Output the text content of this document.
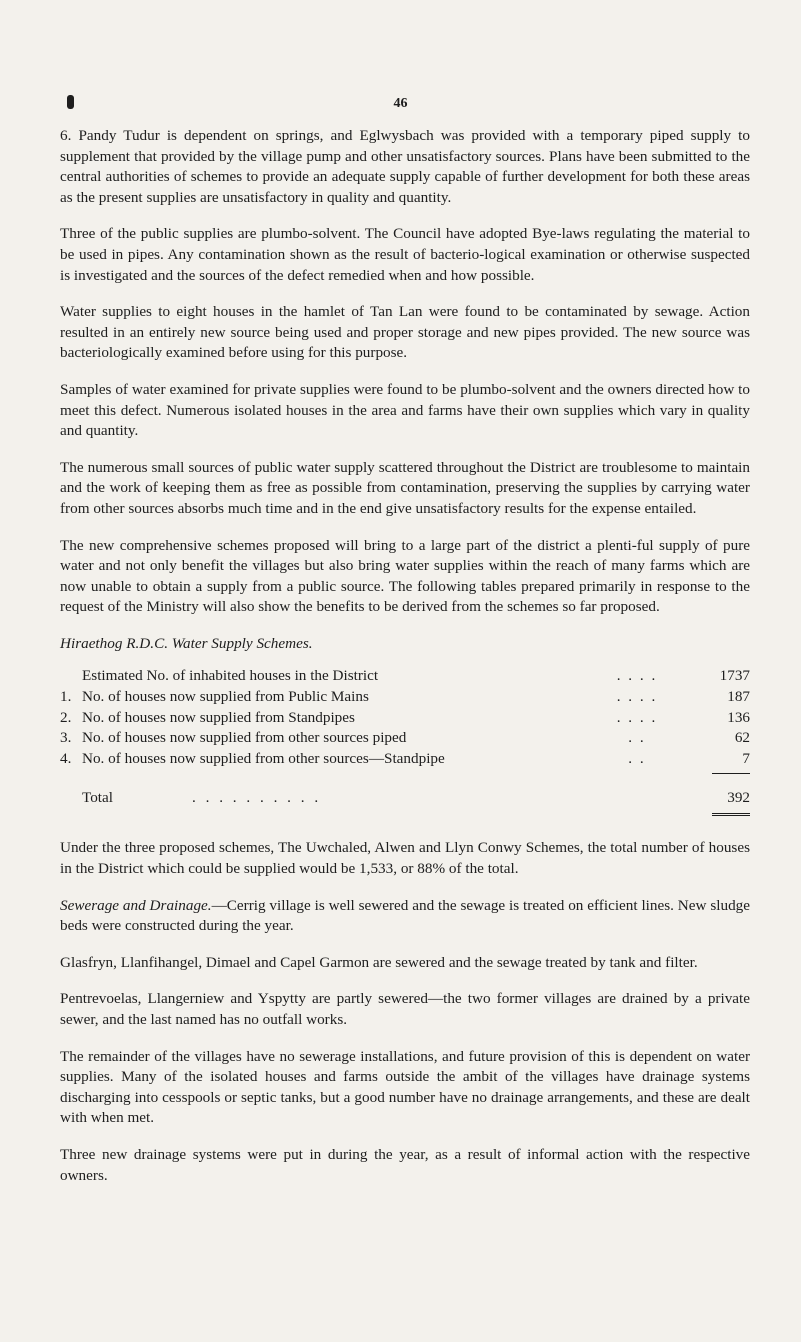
46

6. Pandy Tudur is dependent on springs, and Eglwysbach was provided with a temporary piped supply to supplement that provided by the village pump and other unsatisfactory sources. Plans have been submitted to the central authorities of schemes to provide an adequate supply capable of further development for both these areas as the present supplies are unsatisfactory in quality and quantity.

Three of the public supplies are plumbo-solvent. The Council have adopted Bye-laws regulating the material to be used in pipes. Any contamination shown as the result of bacterio-logical examination or otherwise suspected is investigated and the sources of the defect remedied when and how possible.

Water supplies to eight houses in the hamlet of Tan Lan were found to be contaminated by sewage. Action resulted in an entirely new source being used and proper storage and new pipes provided. The new source was bacteriologically examined before using for this purpose.

Samples of water examined for private supplies were found to be plumbo-solvent and the owners directed how to meet this defect. Numerous isolated houses in the area and farms have their own supplies which vary in quality and quantity.

The numerous small sources of public water supply scattered throughout the District are troublesome to maintain and the work of keeping them as free as possible from contamination, preserving the supplies by carrying water from other sources absorbs much time and in the end give unsatisfactory results for the expense entailed.

The new comprehensive schemes proposed will bring to a large part of the district a plenti-ful supply of pure water and not only benefit the villages but also bring water supplies within the reach of many farms which are now unable to obtain a supply from a public source. The following tables prepared primarily in response to the request of the Ministry will also show the benefits to be derived from the schemes so far proposed.

Hiraethog R.D.C. Water Supply Schemes.
Estimated No. of inhabited houses in the District	. . . .	1737
1. No. of houses now supplied from Public Mains	. . . .	187
2. No. of houses now supplied from Standpipes	. . . .	136
3. No. of houses now supplied from other sources piped	. .	62
4. No. of houses now supplied from other sources—Standpipe	. .	7
Total	. . . . . . . . . .	392

Under the three proposed schemes, The Uwchaled, Alwen and Llyn Conwy Schemes, the total number of houses in the District which could be supplied would be 1,533, or 88% of the total.

Sewerage and Drainage.—Cerrig village is well sewered and the sewage is treated on efficient lines. New sludge beds were constructed during the year.

Glasfryn, Llanfihangel, Dimael and Capel Garmon are sewered and the sewage treated by tank and filter.

Pentrevoelas, Llangerniew and Yspytty are partly sewered—the two former villages are drained by a private sewer, and the last named has no outfall works.

The remainder of the villages have no sewerage installations, and future provision of this is dependent on water supplies. Many of the isolated houses and farms outside the ambit of the villages have drainage systems discharging into cesspools or septic tanks, but a good number have no drainage arrangements, and these are dealt with when met.

Three new drainage systems were put in during the year, as a result of informal action with the respective owners.
